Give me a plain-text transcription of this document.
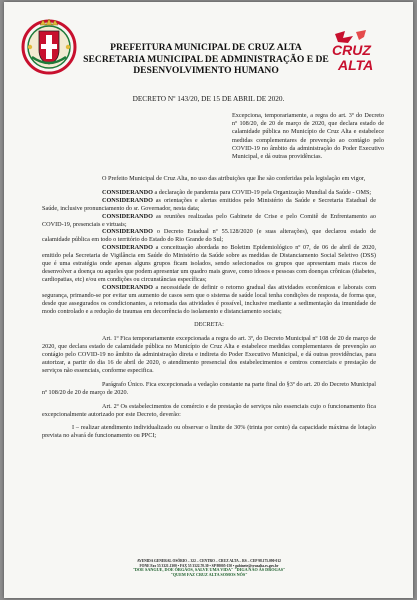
PREFEITURA MUNICIPAL DE CRUZ ALTA
SECRETARIA MUNICIPAL DE ADMINISTRAÇÃO E DE
DESENVOLVIMENTO HUMANO
CRUZ
ALTA
DECRETO Nº 143/20, DE 15 DE ABRIL DE 2020.
Excepciona, temporariamente, a regra do art. 3º do Decreto nº 108/20, de 20 de março de 2020, que declara estado de calamidade pública no Município de Cruz Alta e estabelece medidas complementares de prevenção ao contágio pelo COVID-19 no âmbito da administração do Poder Executivo Municipal, e dá outras providências.

O Prefeito Municipal de Cruz Alta, no uso das atribuições que lhe são conferidas pela legislação em vigor,

CONSIDERANDO a declaração de pandemia para COVID-19 pela Organização Mundial da Saúde - OMS;

CONSIDERANDO as orientações e alertas emitidos pelo Ministério da Saúde e Secretaria Estadual de Saúde, inclusive pronunciamento do sr. Governador, nesta data;

CONSIDERANDO as reuniões realizadas pelo Gabinete de Crise e pelo Comitê de Enfrentamento ao COVID-19, presenciais e virtuais;

CONSIDERANDO o Decreto Estadual nº 55.128/2020 (e suas alterações), que declarou estado de calamidade pública em todo o território do Estado do Rio Grande do Sul;

CONSIDERANDO a conceituação abordada no Boletim Epidemiológico nº 07, de 06 de abril de 2020, emitido pela Secretaria de Vigilância em Saúde do Ministério da Saúde sobre as medidas de Distanciamento Social Seletivo (DSS) que é uma estratégia onde apenas alguns grupos ficam isolados, sendo selecionados os grupos que apresentam mais riscos de desenvolver a doença ou aqueles que podem apresentar um quadro mais grave, como idosos e pessoas com doenças crônicas (diabetes, cardiopatias, etc) e/ou em condições ou circunstâncias específicas;

CONSIDERANDO a necessidade de definir o retorno gradual das atividades econômicas e laborais com segurança, primando-se por evitar um aumento de casos sem que o sistema de saúde local tenha condições de resposta, de forma que, desde que assegurados os condicionantes, a retomada das atividades é possível, inclusive mediante a sedimentação da imunidade de modo controlado e a redução de traumas em decorrência do isolamento e distanciamento sociais;

DECRETA:

Art. 1º Fica temporariamente excepcionada a regra do art. 3º, do Decreto Municipal nº 108 de 20 de março de 2020, que declara estado de calamidade pública no Município de Cruz Alta e estabelece medidas complementares de prevenção ao contágio pelo COVID-19 no âmbito da administração direta e indireta do Poder Executivo Municipal, e dá outras providências, para autorizar, a partir do dia 16 de abril de 2020, o atendimento presencial dos estabelecimentos e centros comerciais e prestação de serviços não essenciais, conforme especifica.

Parágrafo Único. Fica excepcionada a vedação constante na parte final do §3º do art. 20 do Decreto Municipal nº 108/20 de 20 de março de 2020.

Art. 2º Os estabelecimentos de comércio e de prestação de serviços não essenciais cujo o funcionamento fica excepcionalmente autorizado por este Decreto, deverão:

I – realizar atendimento individualizado ou observar o limite de 30% (trinta por cento) da capacidade máxima de lotação prevista no alvará de funcionamento ou PPCI;

AVENIDA GENERAL OSÓRIO – 322 – CENTRO – CRUZ ALTA – RS – CEP 98.175.090-012
FONE Fax 55 3321.1300 • FAX 55 3322.70.30 • SP 98005-150 • gabinete@cruzalta.rs.gov.br
"DOE SANGUE, DOE ÓRGÃOS, SALVE UMA VIDA" "DIGA NÃO ÀS DROGAS"
"QUEM FAZ CRUZ ALTA SOMOS NÓS"
